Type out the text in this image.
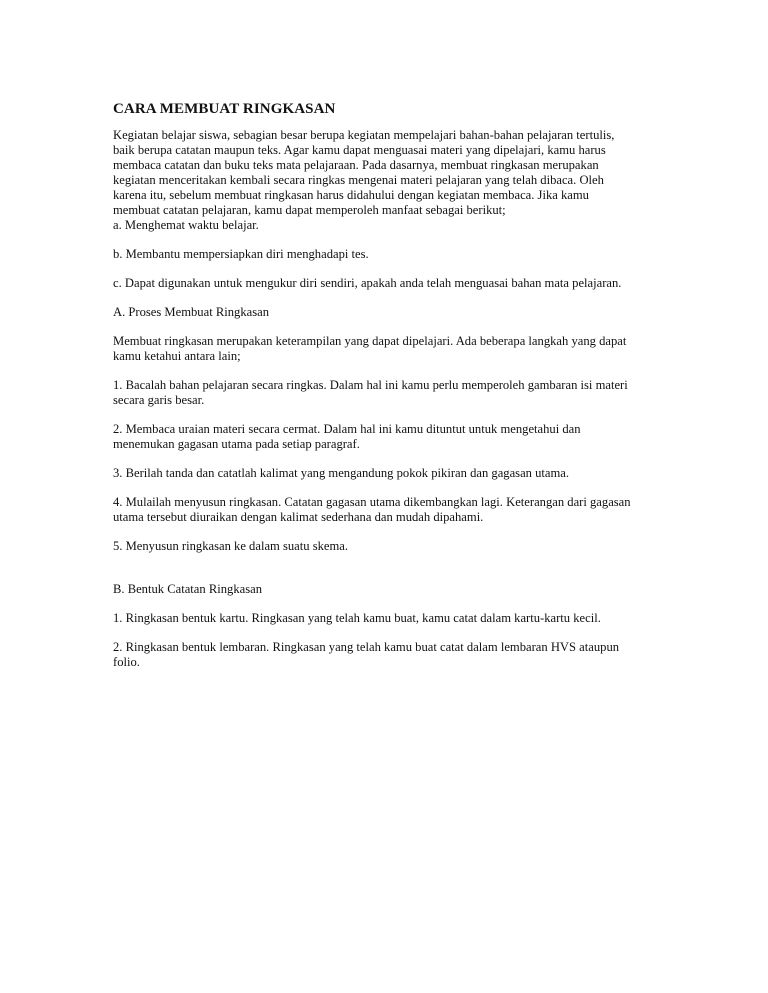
CARA MEMBUAT RINGKASAN
Kegiatan belajar siswa, sebagian besar berupa kegiatan mempelajari bahan-bahan pelajaran tertulis,
baik berupa catatan maupun teks. Agar kamu dapat menguasai materi yang dipelajari, kamu harus
membaca catatan dan buku teks mata pelajaraan. Pada dasarnya, membuat ringkasan merupakan
kegiatan menceritakan kembali secara ringkas mengenai materi pelajaran yang telah dibaca. Oleh
karena itu, sebelum membuat ringkasan harus didahului dengan kegiatan membaca. Jika kamu
membuat catatan pelajaran, kamu dapat memperoleh manfaat sebagai berikut;
a. Menghemat waktu belajar.
b. Membantu mempersiapkan diri menghadapi tes.
c. Dapat digunakan untuk mengukur diri sendiri, apakah anda telah menguasai bahan mata pelajaran.
A. Proses Membuat Ringkasan
Membuat ringkasan merupakan keterampilan yang dapat dipelajari. Ada beberapa langkah yang dapat
kamu ketahui antara lain;
1. Bacalah bahan pelajaran secara ringkas. Dalam hal ini kamu perlu memperoleh gambaran isi materi
secara garis besar.
2. Membaca uraian materi secara cermat. Dalam hal ini kamu dituntut untuk mengetahui dan
menemukan gagasan utama pada setiap paragraf.
3. Berilah tanda dan catatlah kalimat yang mengandung pokok pikiran dan gagasan utama.
4. Mulailah menyusun ringkasan. Catatan gagasan utama dikembangkan lagi. Keterangan dari gagasan
utama tersebut diuraikan dengan kalimat sederhana dan mudah dipahami.
5. Menyusun ringkasan ke dalam suatu skema.
B. Bentuk Catatan Ringkasan
1. Ringkasan bentuk kartu. Ringkasan yang telah kamu buat, kamu catat dalam kartu-kartu kecil.
2. Ringkasan bentuk lembaran. Ringkasan yang telah kamu buat catat dalam lembaran HVS ataupun
folio.
